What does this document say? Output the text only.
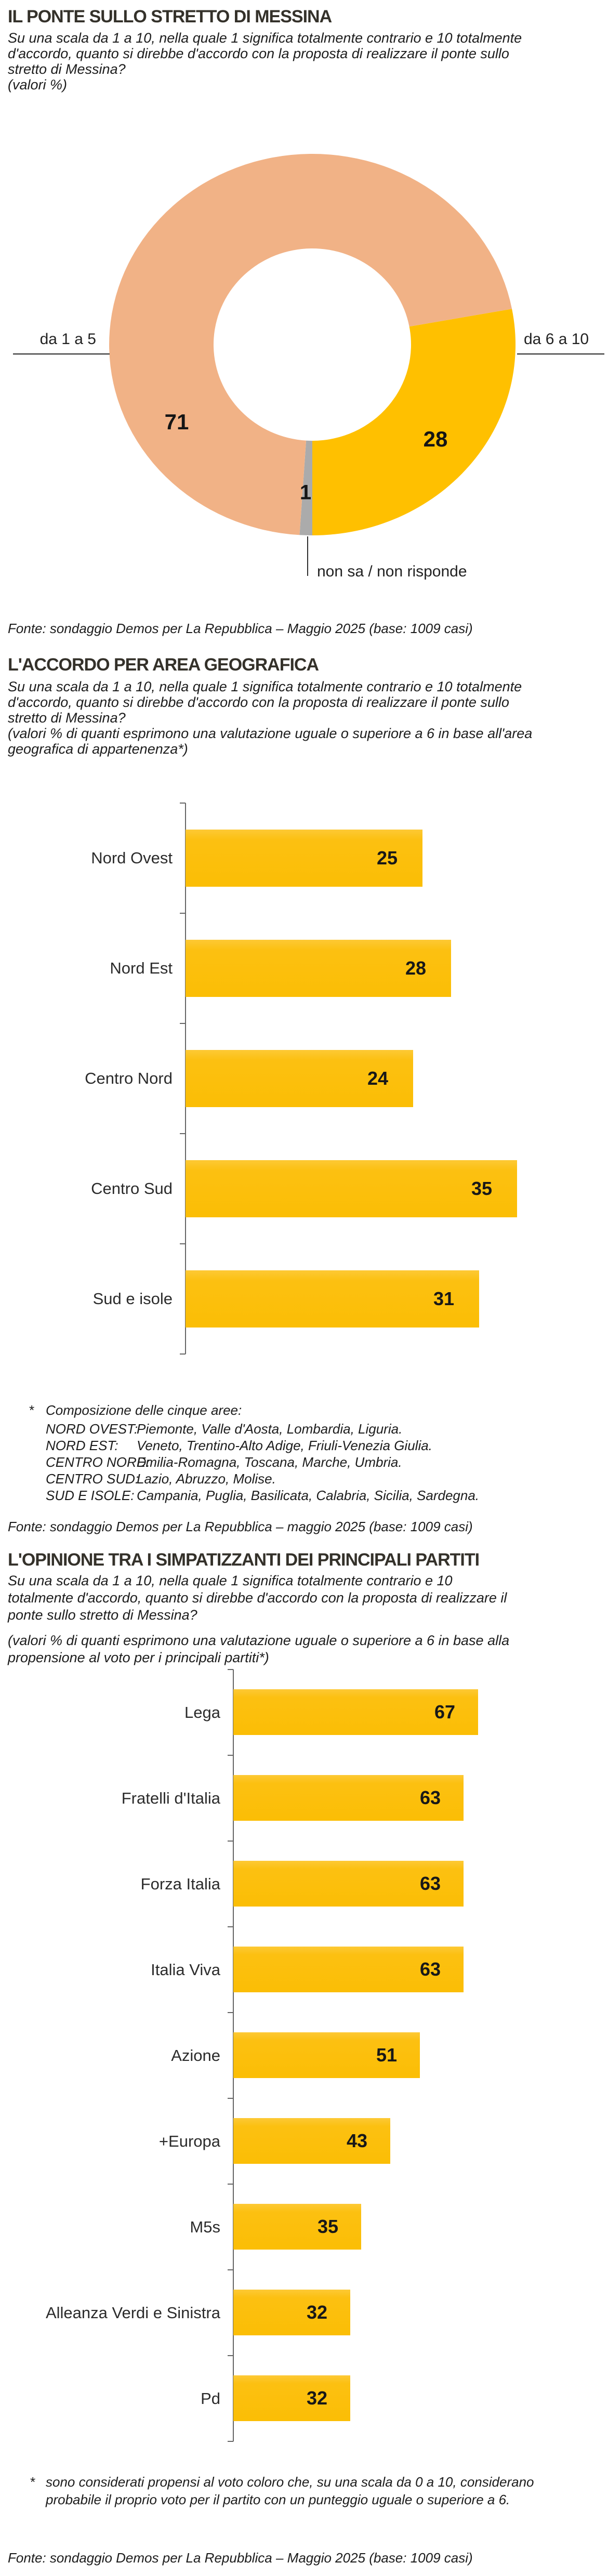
IL PONTE SULLO STRETTO DI MESSINA
Su una scala da 1 a 10, nella quale 1 significa totalmente contrario e 10 totalmente
d'accordo, quanto si direbbe d'accordo con la proposta di realizzare il ponte sullo
stretto di Messina?
(valori %)
da 1 a 5	da 6 a 10
71
28
1
non sa / non risponde
Fonte: sondaggio Demos per La Repubblica – Maggio 2025 (base: 1009 casi)
L'ACCORDO PER AREA GEOGRAFICA
Su una scala da 1 a 10, nella quale 1 significa totalmente contrario e 10 totalmente
d'accordo, quanto si direbbe d'accordo con la proposta di realizzare il ponte sullo
stretto di Messina?
(valori % di quanti esprimono una valutazione uguale o superiore a 6 in base all'area
geografica di appartenenza*)
Nord Ovest
Nord Est
Centro Nord
Centro Sud
Sud e isole
25
28
24
35
31
* Composizione delle cinque aree:
NORD OVEST:
Piemonte, Valle d'Aosta, Lombardia, Liguria.
NORD EST: Veneto, Trentino-Alto Adige, Friuli-Venezia Giulia.
CENTRO NORD:
Emilia-Romagna, Toscana, Marche, Umbria.
CENTRO SUD:
Lazio, Abruzzo, Molise.
SUD E ISOLE: Campania, Puglia, Basilicata, Calabria, Sicilia, Sardegna.
Fonte: sondaggio Demos per La Repubblica – maggio 2025 (base: 1009 casi)
L'OPINIONE TRA I SIMPATIZZANTI DEI PRINCIPALI PARTITI
Su una scala da 1 a 10, nella quale 1 significa totalmente contrario e 10
totalmente d'accordo, quanto si direbbe d'accordo con la proposta di realizzare il
ponte sullo stretto di Messina?
(valori % di quanti esprimono una valutazione uguale o superiore a 6 in base alla
propensione al voto per i principali partiti*)
Lega
Fratelli d'Italia
Forza Italia
Italia Viva
Azione
+Europa
M5s
Alleanza Verdi e Sinistra
Pd
67
63
63
63
51
43
35
32
32
* sono considerati propensi al voto coloro che, su una scala da 0 a 10, considerano
probabile il proprio voto per il partito con un punteggio uguale o superiore a 6.
Fonte: sondaggio Demos per La Repubblica – Maggio 2025 (base: 1009 casi)
